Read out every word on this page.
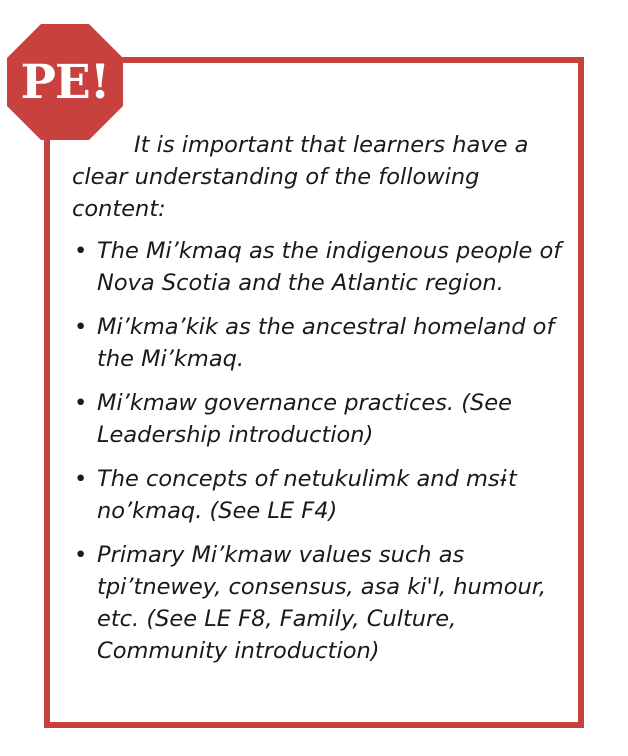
PE!

It is important that learners have a clear understanding of the following content:

• The Mi’kmaq as the indigenous people of Nova Scotia and the Atlantic region.
• Mi’kma’kik as the ancestral homeland of the Mi’kmaq.
• Mi’kmaw governance practices. (See Leadership introduction)
• The concepts of netukulimk and msɨt no’kmaq. (See LE F4)
• Primary Mi’kmaw values such as tpi’tnewey, consensus, asa ki'l, humour, etc. (See LE F8, Family, Culture, Community introduction)
